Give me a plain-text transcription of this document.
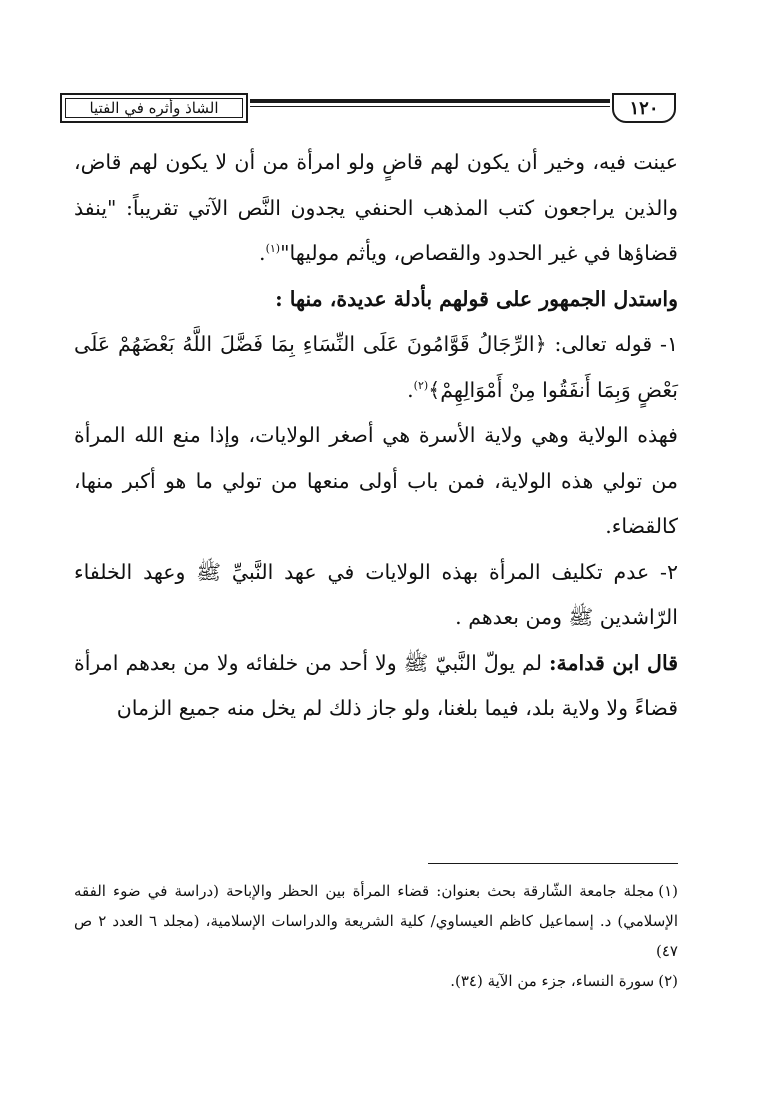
الشاذ وأثره في الفتيا	١٢٠

عينت فيه، وخير أن يكون لهم قاضٍ ولو امرأة من أن لا يكون لهم قاض، والذين يراجعون كتب المذهب الحنفي يجدون النَّص الآتي تقريباً: "ينفذ قضاؤها في غير الحدود والقصاص، ويأثم موليها"$^{(١)}$.

واستدل الجمهور على قولهم بأدلة عديدة، منها :

١- قوله تعالى: ﴿الرِّجَالُ قَوَّامُونَ عَلَى النِّسَاءِ بِمَا فَضَّلَ اللَّهُ بَعْضَهُمْ عَلَى بَعْضٍ وَبِمَا أَنفَقُوا مِنْ أَمْوَالِهِمْ﴾$^{(٢)}$.

فهذه الولاية وهي ولاية الأسرة هي أصغر الولايات، وإذا منع الله المرأة من تولي هذه الولاية، فمن باب أولى منعها من تولي ما هو أكبر منها، كالقضاء.

٢- عدم تكليف المرأة بهذه الولايات في عهد النَّبيِّ ﷺ وعهد الخلفاء الرّاشدين ﷺ ومن بعدهم .

قال ابن قدامة: لم يولّ النَّبيّ ﷺ ولا أحد من خلفائه ولا من بعدهم امرأة قضاءً ولا ولاية بلد، فيما بلغنا، ولو جاز ذلك لم يخل منه جميع الزمان

(١)مجلة جامعة الشّارقة بحث بعنوان: قضاء المرأة بين الحظر والإباحة (دراسة في ضوء الفقه الإسلامي) د. إسماعيل كاظم العيساوي/ كلية الشريعة والدراسات الإسلامية، (مجلد ٦ العدد ٢ ص ٤٧)

(٢)سورة النساء، جزء من الآية (٣٤).
